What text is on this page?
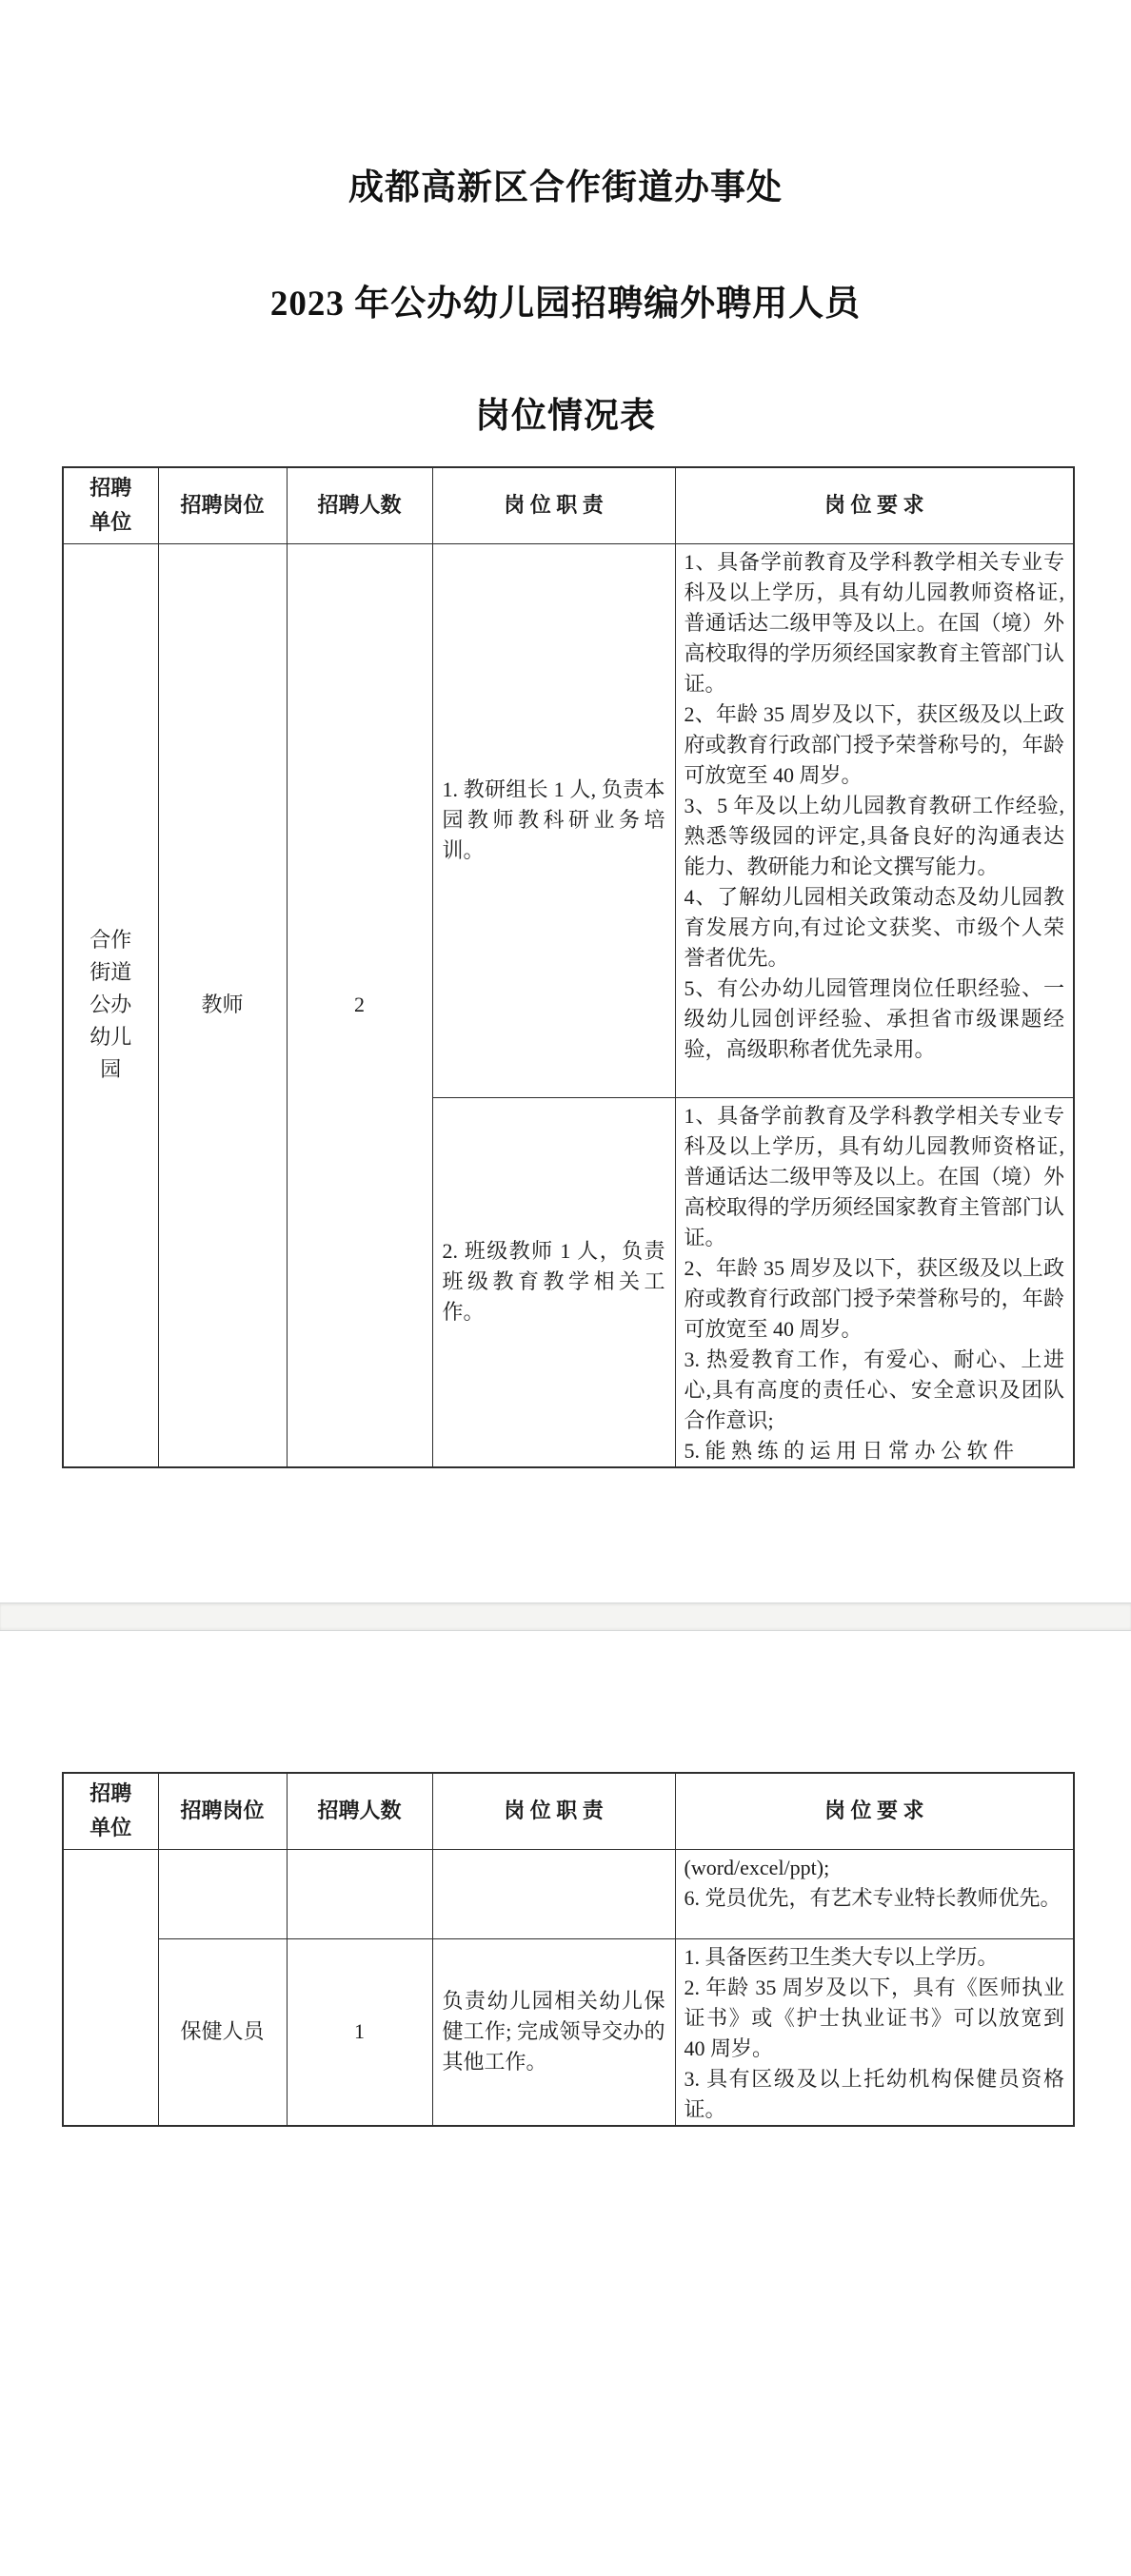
成都高新区合作街道办事处
2023 年公办幼儿园招聘编外聘用人员
岗位情况表
招聘单位	招聘岗位	招聘人数	岗 位 职 责	岗 位 要 求
合作街道公办幼儿园	教师	2	1. 教研组长 1 人, 负责本园教师教科研业务培训。	1、具备学前教育及学科教学相关专业专科及以上学历，具有幼儿园教师资格证,普通话达二级甲等及以上。在国（境）外高校取得的学历须经国家教育主管部门认证。
2、年龄 35 周岁及以下，获区级及以上政府或教育行政部门授予荣誉称号的，年龄可放宽至 40 周岁。
3、5 年及以上幼儿园教育教研工作经验,熟悉等级园的评定,具备良好的沟通表达能力、教研能力和论文撰写能力。
4、了解幼儿园相关政策动态及幼儿园教育发展方向,有过论文获奖、市级个人荣誉者优先。
5、有公办幼儿园管理岗位任职经验、一级幼儿园创评经验、承担省市级课题经验，高级职称者优先录用。

			2. 班级教师 1 人，负责班级教育教学相关工作。	1、具备学前教育及学科教学相关专业专科及以上学历，具有幼儿园教师资格证,普通话达二级甲等及以上。在国（境）外高校取得的学历须经国家教育主管部门认证。
2、年龄 35 周岁及以下，获区级及以上政府或教育行政部门授予荣誉称号的，年龄可放宽至 40 周岁。
3. 热爱教育工作，有爱心、耐心、上进心,具有高度的责任心、安全意识及团队合作意识;
5. 能 熟 练 的 运 用 日 常 办 公 软 件
招聘单位	招聘岗位	招聘人数	岗 位 职 责	岗 位 要 求

				(word/excel/ppt);
6. 党员优先，有艺术专业特长教师优先。

	保健人员	1	负责幼儿园相关幼儿保健工作; 完成领导交办的其他工作。	1. 具备医药卫生类大专以上学历。
2. 年龄 35 周岁及以下，具有《医师执业证书》或《护士执业证书》可以放宽到 40 周岁。
3. 具有区级及以上托幼机构保健员资格证。
